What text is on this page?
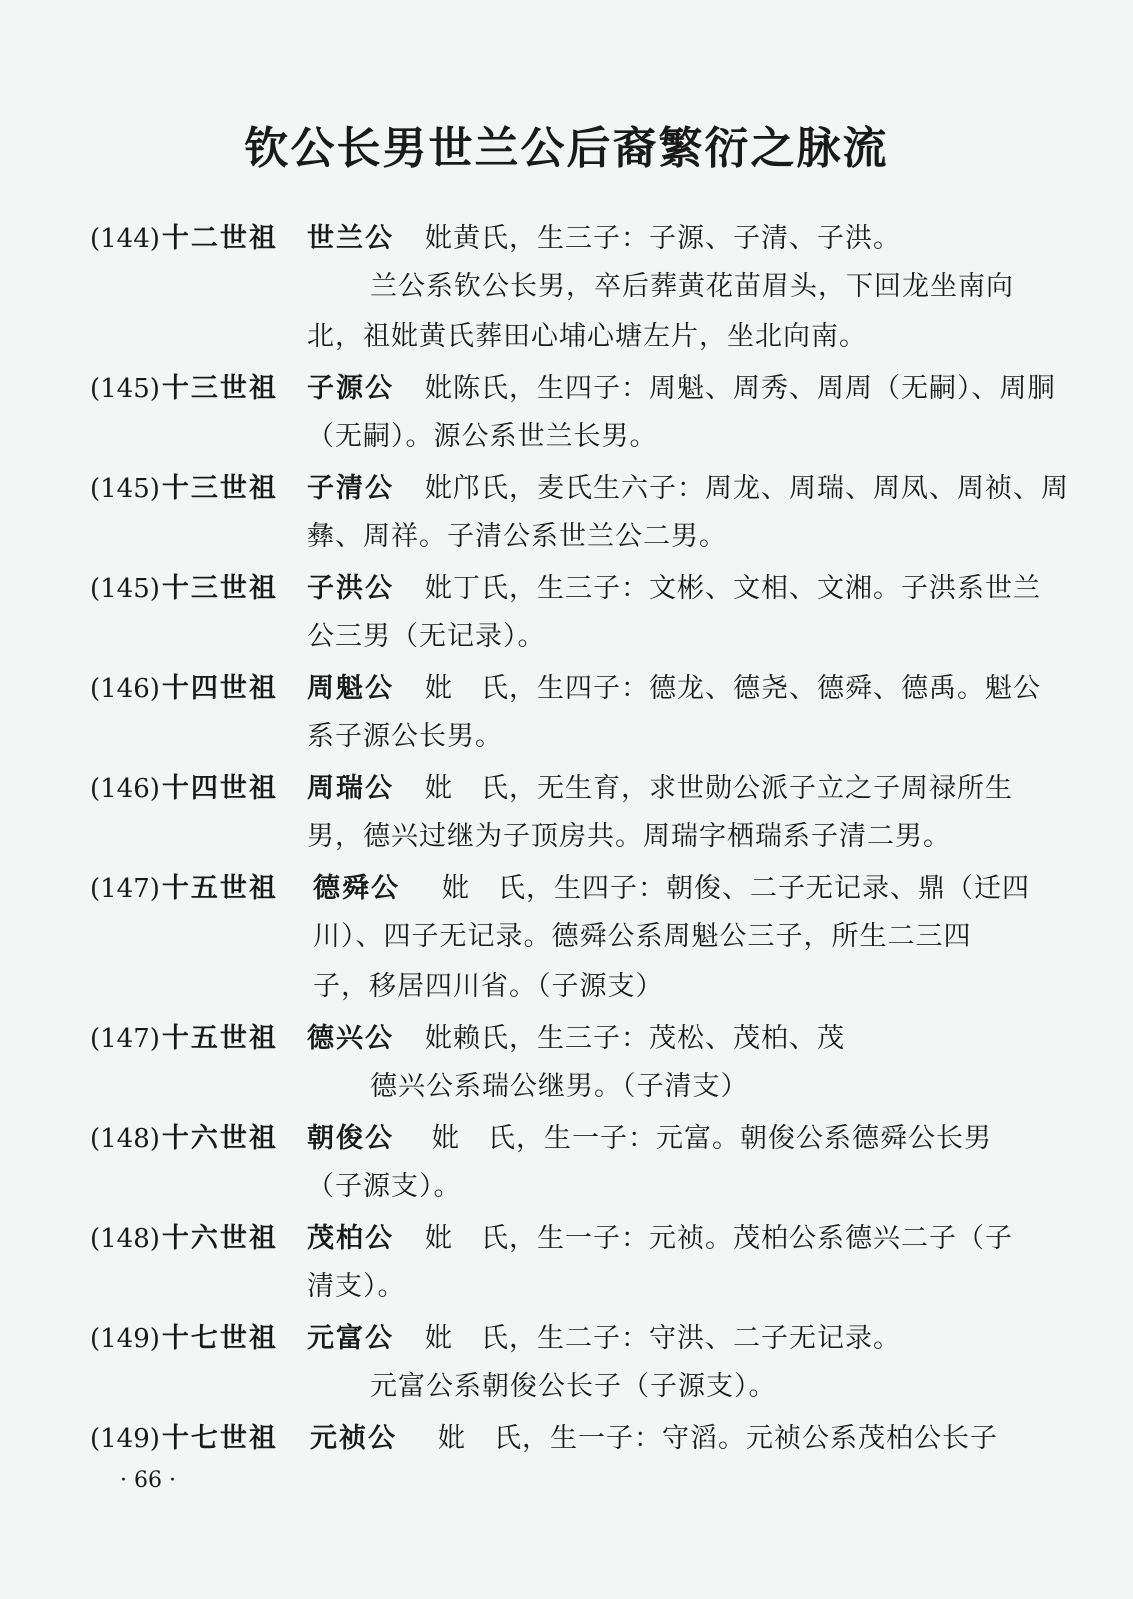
钦公长男世兰公后裔繁衍之脉流
(144)十二世祖 世兰公 妣黄氏，生三子：子源、子清、子洪。
兰公系钦公长男，卒后葬黄花苗眉头，下回龙坐南向
北，祖妣黄氏葬田心埔心塘左片，坐北向南。
(145)十三世祖 子源公 妣陈氏，生四子：周魁、周秀、周周（无嗣）、周胴
（无嗣）。源公系世兰长男。
(145)十三世祖 子清公 妣邝氏，麦氏生六子：周龙、周瑞、周凤、周祯、周
彝、周祥。子清公系世兰公二男。
(145)十三世祖 子洪公 妣丁氏，生三子：文彬、文相、文湘。子洪系世兰
公三男（无记录）。
(146)十四世祖 周魁公 妣　氏，生四子：德龙、德尧、德舜、德禹。魁公
系子源公长男。
(146)十四世祖 周瑞公 妣　氏，无生育，求世勋公派子立之子周禄所生
男，德兴过继为子顶房共。周瑞字栖瑞系子清二男。
(147)十五世祖 德舜公 妣　氏，生四子：朝俊、二子无记录、鼎（迁四
川）、四子无记录。德舜公系周魁公三子，所生二三四
子，移居四川省。（子源支）
(147)十五世祖 德兴公 妣赖氏，生三子：茂松、茂柏、茂
德兴公系瑞公继男。（子清支）
(148)十六世祖 朝俊公 妣　氏，生一子：元富。朝俊公系德舜公长男
（子源支）。
(148)十六世祖 茂柏公 妣　氏，生一子：元祯。茂柏公系德兴二子（子
清支）。
(149)十七世祖 元富公 妣　氏，生二子：守洪、二子无记录。
元富公系朝俊公长子（子源支）。
(149)十七世祖 元祯公 妣　氏，生一子：守滔。元祯公系茂柏公长子
· 66 ·
